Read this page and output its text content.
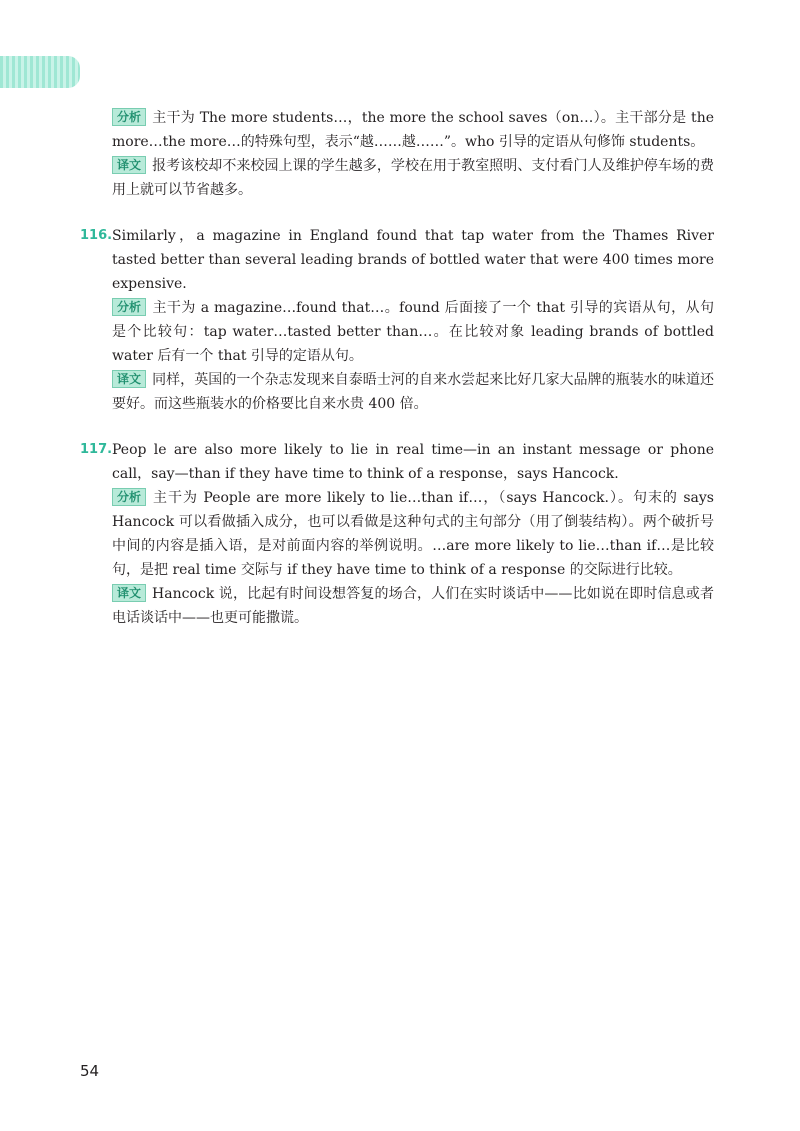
分析 主干为 The more students…，the more the school saves（on…）。主干部分是 the more…the more…的特殊句型，表示“越……越……”。who 引导的定语从句修饰 students。

译文 报考该校却不来校园上课的学生越多，学校在用于教室照明、支付看门人及维护停车场的费用上就可以节省越多。

116. Similarly，a magazine in England found that tap water from the Thames River tasted better than several leading brands of bottled water that were 400 times more expensive.

分析 主干为 a magazine…found that…。found 后面接了一个 that 引导的宾语从句，从句是个比较句：tap water…tasted better than…。在比较对象 leading brands of bottled water 后有一个 that 引导的定语从句。

译文 同样，英国的一个杂志发现来自泰晤士河的自来水尝起来比好几家大品牌的瓶装水的味道还要好。而这些瓶装水的价格要比自来水贵 400 倍。

117. Peop le are also more likely to lie in real time—in an instant message or phone call，say—than if they have time to think of a response，says Hancock.

分析 主干为 People are more likely to lie…than if…，（says Hancock.）。句末的 says Hancock 可以看做插入成分，也可以看做是这种句式的主句部分（用了倒装结构）。两个破折号中间的内容是插入语，是对前面内容的举例说明。…are more likely to lie…than if…是比较句，是把 real time 交际与 if they have time to think of a response 的交际进行比较。

译文 Hancock 说，比起有时间设想答复的场合，人们在实时谈话中——比如说在即时信息或者电话谈话中——也更可能撒谎。

54
